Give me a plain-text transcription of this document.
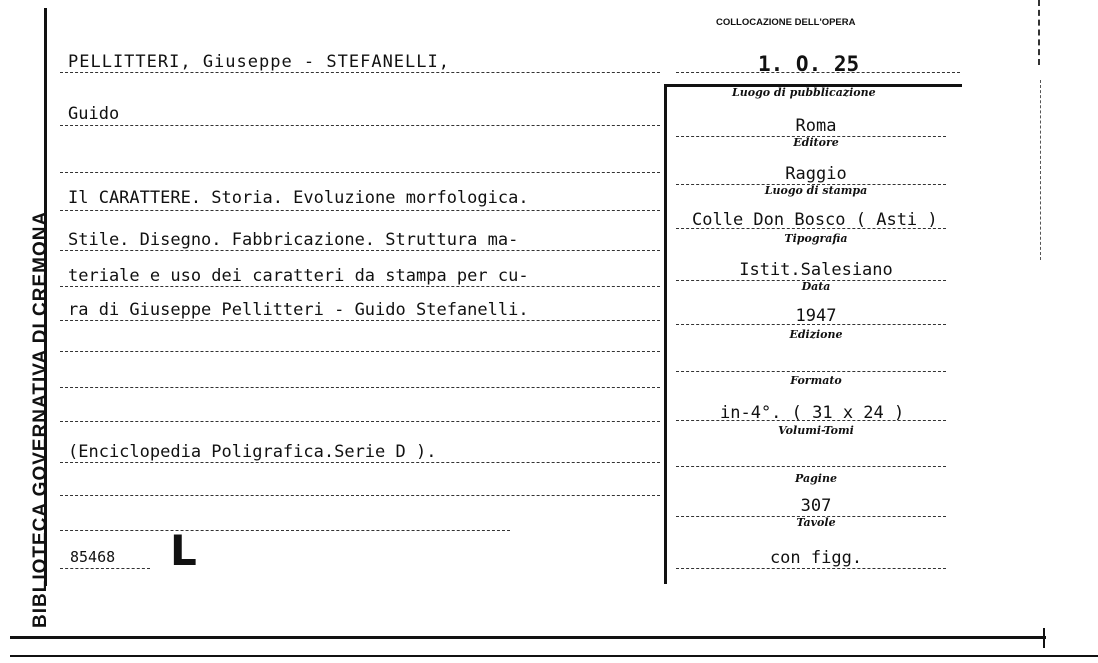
BIBLIOTECA GOVERNATIVA DI CREMONA
COLLOCAZIONE DELL'OPERA
1. O. 25
PELLITTERI, Giuseppe - STEFANELLI,
Guido
Il CARATTERE. Storia. Evoluzione morfologica.
Stile. Disegno. Fabbricazione. Struttura ma-
teriale e uso dei caratteri da stampa per cu-
ra di Giuseppe Pellitteri - Guido Stefanelli.
(Enciclopedia Poligrafica.Serie D ).
85468 L
Luogo di pubblicazione
Roma
Editore
Raggio
Luogo di stampa
Colle Don Bosco ( Asti )
Tipografia
Istit.Salesiano
Data
1947
Edizione
Formato
in-4°. ( 31 x 24 )
Volumi-Tomi
Pagine
307
Tavole
con figg.
